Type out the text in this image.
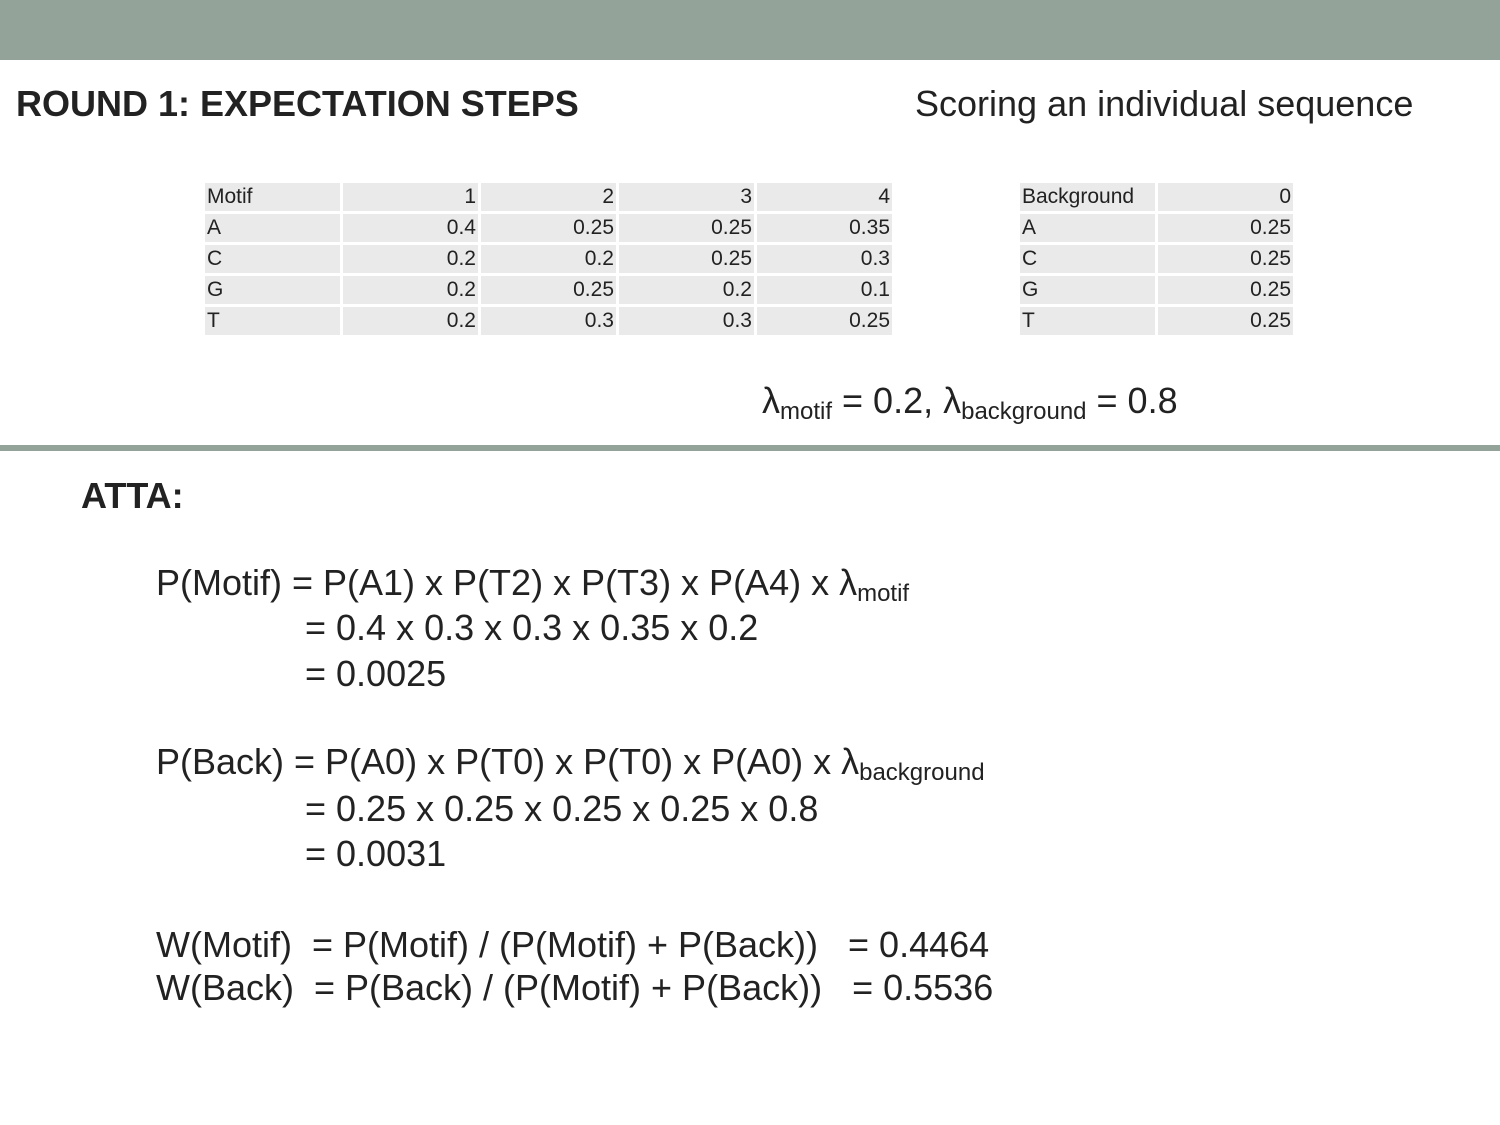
ROUND 1: EXPECTATION STEPS	Scoring an individual sequence
Motif	1	2	3	4
A	0.4	0.25	0.25	0.35
C	0.2	0.2	0.25	0.3
G	0.2	0.25	0.2	0.1
T	0.2	0.3	0.3	0.25
Background	0
A	0.25
C	0.25
G	0.25
T	0.25
$\lambda_{motif} = 0.2$, $\lambda_{background} = 0.8$
ATTA:
P(Motif) = P(A1) x P(T2) x P(T3) x P(A4) x $\lambda_{motif}$
= 0.4 x 0.3 x 0.3 x 0.35 x 0.2
= 0.0025
P(Back) = P(A0) x P(T0) x P(T0) x P(A0) x $\lambda_{background}$
= 0.25 x 0.25 x 0.25 x 0.25 x 0.8
= 0.0031
W(Motif)  = P(Motif) / (P(Motif) + P(Back))   = 0.4464
W(Back)  = P(Back) / (P(Motif) + P(Back))   = 0.5536
